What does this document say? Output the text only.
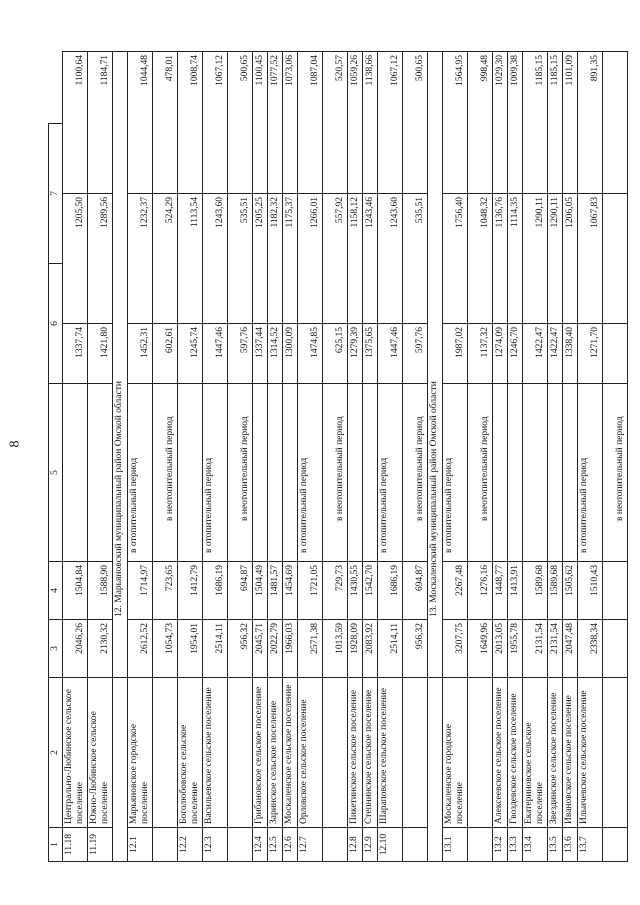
8
1	2	3	4	5	6		7	
11.18	Центрально-Любинское сельское поселение	2046,26	1504,84		1337,74	1205,50		1100,64
11.19	Южно-Любинское сельское поселение	2130,32	1588,90		1421,80	1289,56		1184,71
		12. Марьяновский муниципальный район Омской области						
12.1	Марьяновское городское поселение	2612,52	1714,97	в отопительный период	1452,31	1232,37		1044,48
		1054,73	723,65	в неотопительный период	602,61	524,29		478,01
12.2	Боголюбовское сельское поселение	1954,01	1412,79		1245,74	1113,54		1008,74
12.3	Васильевское сельское поселение	2514,11	1686,19	в отопительный период	1447,46	1243,60		1067,12
		956,32	694,87	в неотопительный период	597,76	535,51		500,65
12.4	Грибановское сельское поселение	2045,71	1504,49		1337,44	1205,25		1100,45
12.5	Заринское сельское поселение	2022,79	1481,57		1314,52	1182,32		1077,52
12.6	Москаленское сельское поселение	1966,03	1454,69		1300,09	1175,37		1073,06
12.7	Орловское сельское поселение	2571,38	1721,05	в отопительный период	1474,85	1266,01		1087,04
		1013,59	729,73	в неотопительный период	625,15	557,92		520,57
12.8	Пикетинское сельское поселение	1928,09	1430,55		1279,39	1158,12		1059,26
12.9	Степнинское сельское поселение	2083,92	1542,70		1375,65	1243,46		1138,66
12.10	Шараповское сельское поселение	2514,11	1686,19	в отопительный период	1447,46	1243,60		1067,12
		956,32	694,87	в неотопительный период	597,76	535,51		500,65
		13. Москаленский муниципальный район Омской области						
13.1	Москаленское городское поселение	3207,75	2267,48	в отопительный период	1987,02	1756,40		1564,95
		1649,96	1276,16	в неотопительный период	1137,32	1048,32		998,48
13.2	Алексеевское сельское поселение	2013,05	1448,77		1274,09	1136,76		1029,30
13.3	Гвоздевское сельское поселение	1955,78	1413,91		1246,70	1114,35		1009,38
13.4	Екатериновское сельское поселение	2131,54	1589,68		1422,47	1290,11		1185,15
13.5	Звездинское сельское поселение	2131,54	1589,68		1422,47	1290,11		1185,15
13.6	Ивановское сельское поселение	2047,48	1505,62		1338,40	1206,05		1101,09
13.7	Ильичевское сельское поселение	2338,34	1510,43	в отопительный период	1271,70	1067,83		891,35
				в неотопительный период				
